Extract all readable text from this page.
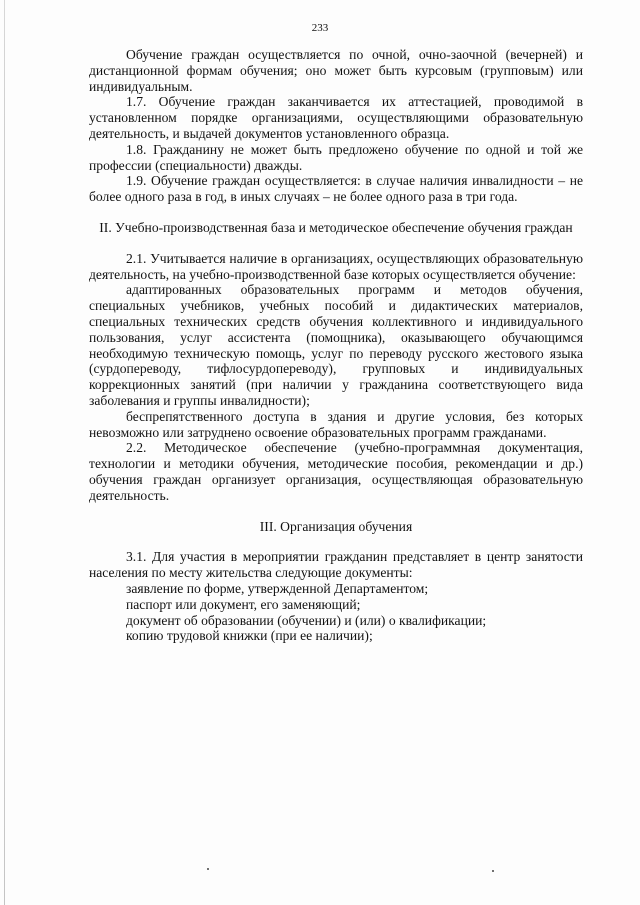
233

Обучение граждан осуществляется по очной, очно-заочной (вечерней) и дистанционной формам обучения; оно может быть курсовым (групповым) или индивидуальным.

1.7. Обучение граждан заканчивается их аттестацией, проводимой в установленном порядке организациями, осуществляющими образовательную деятельность, и выдачей документов установленного образца.

1.8. Гражданину не может быть предложено обучение по одной и той же профессии (специальности) дважды.

1.9. Обучение граждан осуществляется: в случае наличия инвалидности – не более одного раза в год, в иных случаях – не более одного раза в три года.

II. Учебно-производственная база и методическое обеспечение обучения граждан

2.1. Учитывается наличие в организациях, осуществляющих образовательную деятельность, на учебно-производственной базе которых осуществляется обучение:

адаптированных образовательных программ и методов обучения, специальных учебников, учебных пособий и дидактических материалов, специальных технических средств обучения коллективного и индивидуального пользования, услуг ассистента (помощника), оказывающего обучающимся необходимую техническую помощь, услуг по переводу русского жестового языка (сурдопереводу, тифлосурдопереводу), групповых и индивидуальных коррекционных занятий (при наличии у гражданина соответствующего вида заболевания и группы инвалидности);

беспрепятственного доступа в здания и другие условия, без которых невозможно или затруднено освоение образовательных программ гражданами.

2.2. Методическое обеспечение (учебно-программная документация, технологии и методики обучения, методические пособия, рекомендации и др.) обучения граждан организует организация, осуществляющая образовательную деятельность.

III. Организация обучения

3.1. Для участия в мероприятии гражданин представляет в центр занятости населения по месту жительства следующие документы:

заявление по форме, утвержденной Департаментом;

паспорт или документ, его заменяющий;

документ об образовании (обучении) и (или) о квалификации;

копию трудовой книжки (при ее наличии);
